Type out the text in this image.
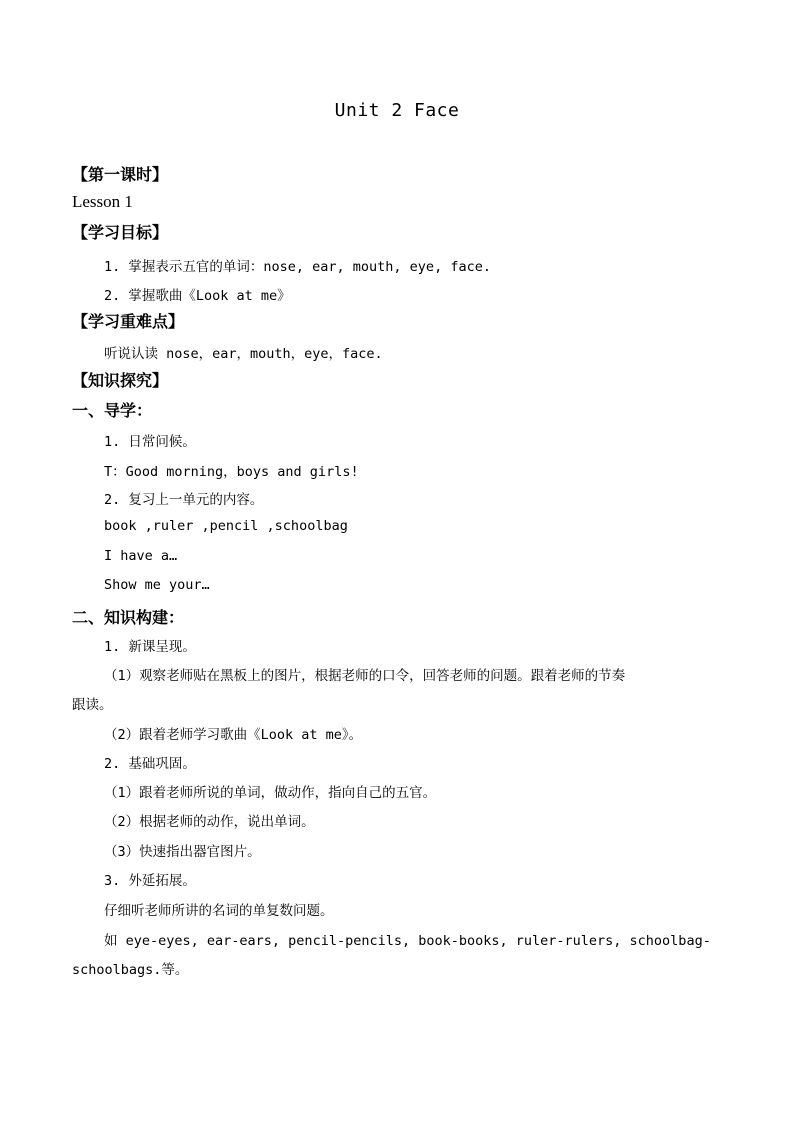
Unit 2 Face
【第一课时】
Lesson 1
【学习目标】
1. 掌握表示五官的单词：nose, ear, mouth, eye, face.
2. 掌握歌曲《Look at me》
【学习重难点】
听说认读 nose，ear，mouth，eye，face.
【知识探究】
一、导学：
1. 日常问候。
T：Good morning，boys and girls!
2. 复习上一单元的内容。
book ,ruler ,pencil ,schoolbag
I have a…
Show me your…
二、知识构建：
1. 新课呈现。
（1）观察老师贴在黑板上的图片，根据老师的口令，回答老师的问题。跟着老师的节奏
跟读。
（2）跟着老师学习歌曲《Look at me》。
2. 基础巩固。
（1）跟着老师所说的单词，做动作，指向自己的五官。
（2）根据老师的动作，说出单词。
（3）快速指出器官图片。
3. 外延拓展。
仔细听老师所讲的名词的单复数问题。
如 eye-eyes, ear-ears, pencil-pencils, book-books, ruler-rulers, schoolbag-
schoolbags.等。
